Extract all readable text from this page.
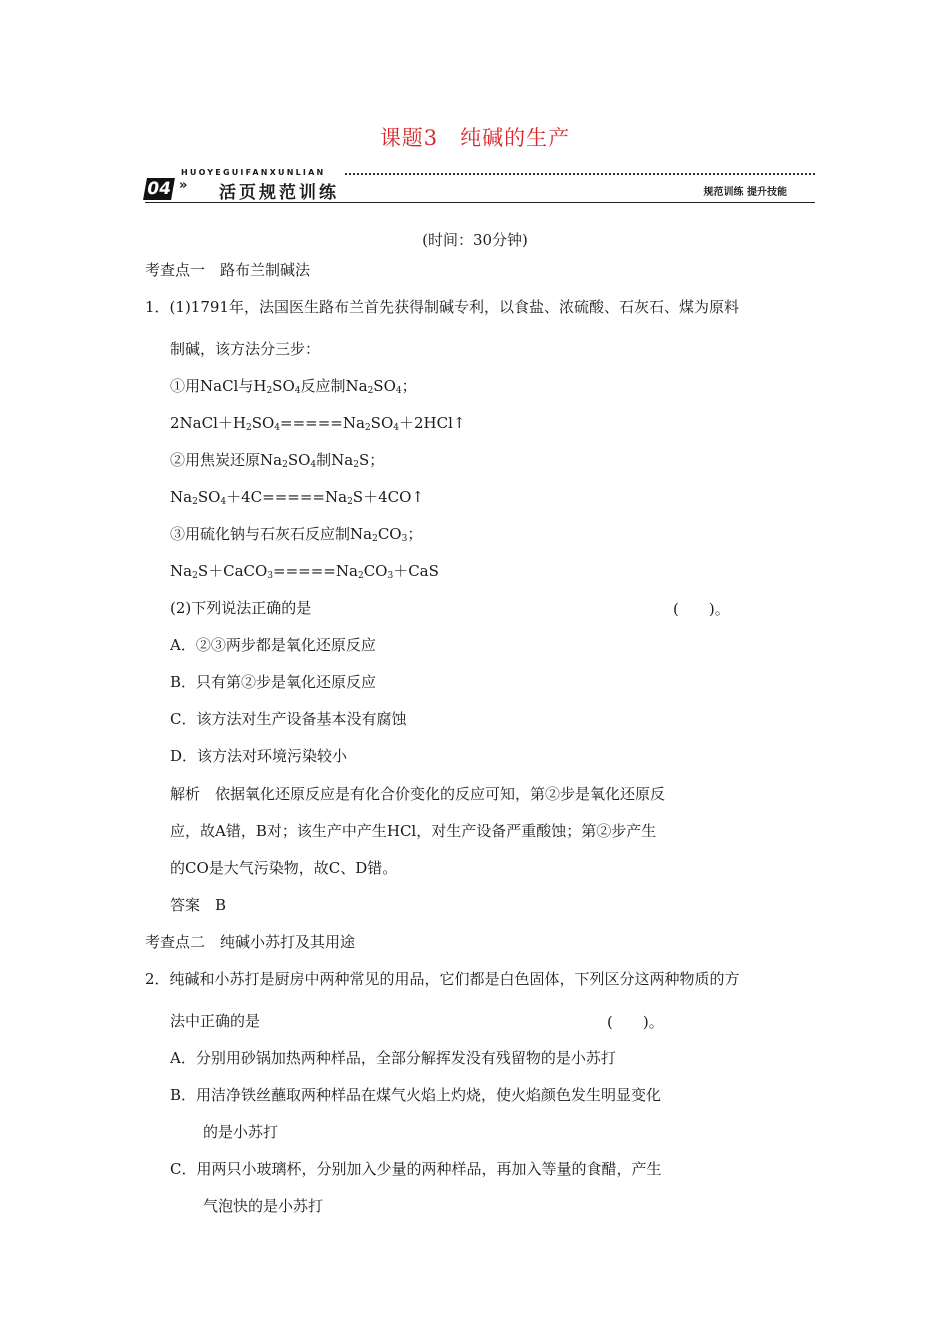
课题3　纯碱的生产
HUOYEGUIFANXUNLIAN
04 » 活页规范训练	规范训练 提升技能
(时间：30分钟)
考查点一　路布兰制碱法
1．(1)1791年，法国医生路布兰首先获得制碱专利，以食盐、浓硫酸、石灰石、煤为原料
制碱，该方法分三步：
①用NaCl与$H_2SO_4$反应制$Na_2SO_4$；
$2NaCl+H_2SO_4=====Na_2SO_4+2HCl↑$
②用焦炭还原$Na_2SO_4$制$Na_2S$；
$Na_2SO_4+4C=====Na_2S+4CO↑$
③用硫化钠与石灰石反应制$Na_2CO_3$；
$Na_2S+CaCO_3=====Na_2CO_3+CaS$
(2)下列说法正确的是	(　　)。
A．②③两步都是氧化还原反应
B．只有第②步是氧化还原反应
C．该方法对生产设备基本没有腐蚀
D．该方法对环境污染较小
解析　依据氧化还原反应是有化合价变化的反应可知，第②步是氧化还原反
应，故A错，B对；该生产中产生HCl，对生产设备严重酸蚀；第②步产生
的CO是大气污染物，故C、D错。
答案　B
考查点二　纯碱小苏打及其用途
2．纯碱和小苏打是厨房中两种常见的用品，它们都是白色固体，下列区分这两种物质的方
法中正确的是	(　　)。
A．分别用砂锅加热两种样品，全部分解挥发没有残留物的是小苏打
B．用洁净铁丝蘸取两种样品在煤气火焰上灼烧，使火焰颜色发生明显变化
的是小苏打
C．用两只小玻璃杯，分别加入少量的两种样品，再加入等量的食醋，产生
气泡快的是小苏打
